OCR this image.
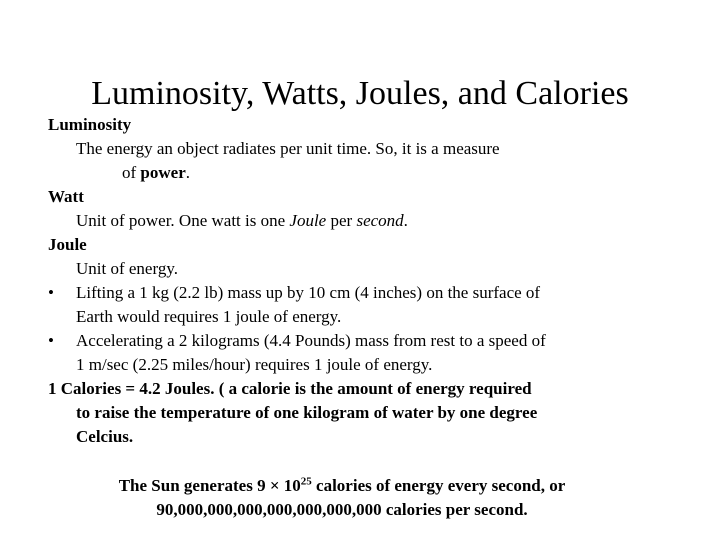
Luminosity, Watts, Joules, and Calories
Luminosity
The energy an object radiates per unit time. So, it is a measure
of power.
Watt
Unit of power. One watt is one Joule per second.
Joule
Unit of energy.
•	Lifting a 1 kg (2.2 lb) mass up by 10 cm (4 inches) on the surface of
Earth would requires 1 joule of energy.
•	Accelerating a 2 kilograms (4.4 Pounds) mass from rest to a speed of
1 m/sec (2.25 miles/hour) requires 1 joule of energy.
1 Calories = 4.2 Joules. ( a calorie is the amount of energy required
to raise the temperature of one kilogram of water by one degree
Celcius.
The Sun generates $9 \times 10^{25}$ calories of energy every second, or
90,000,000,000,000,000,000,000 calories per second.
